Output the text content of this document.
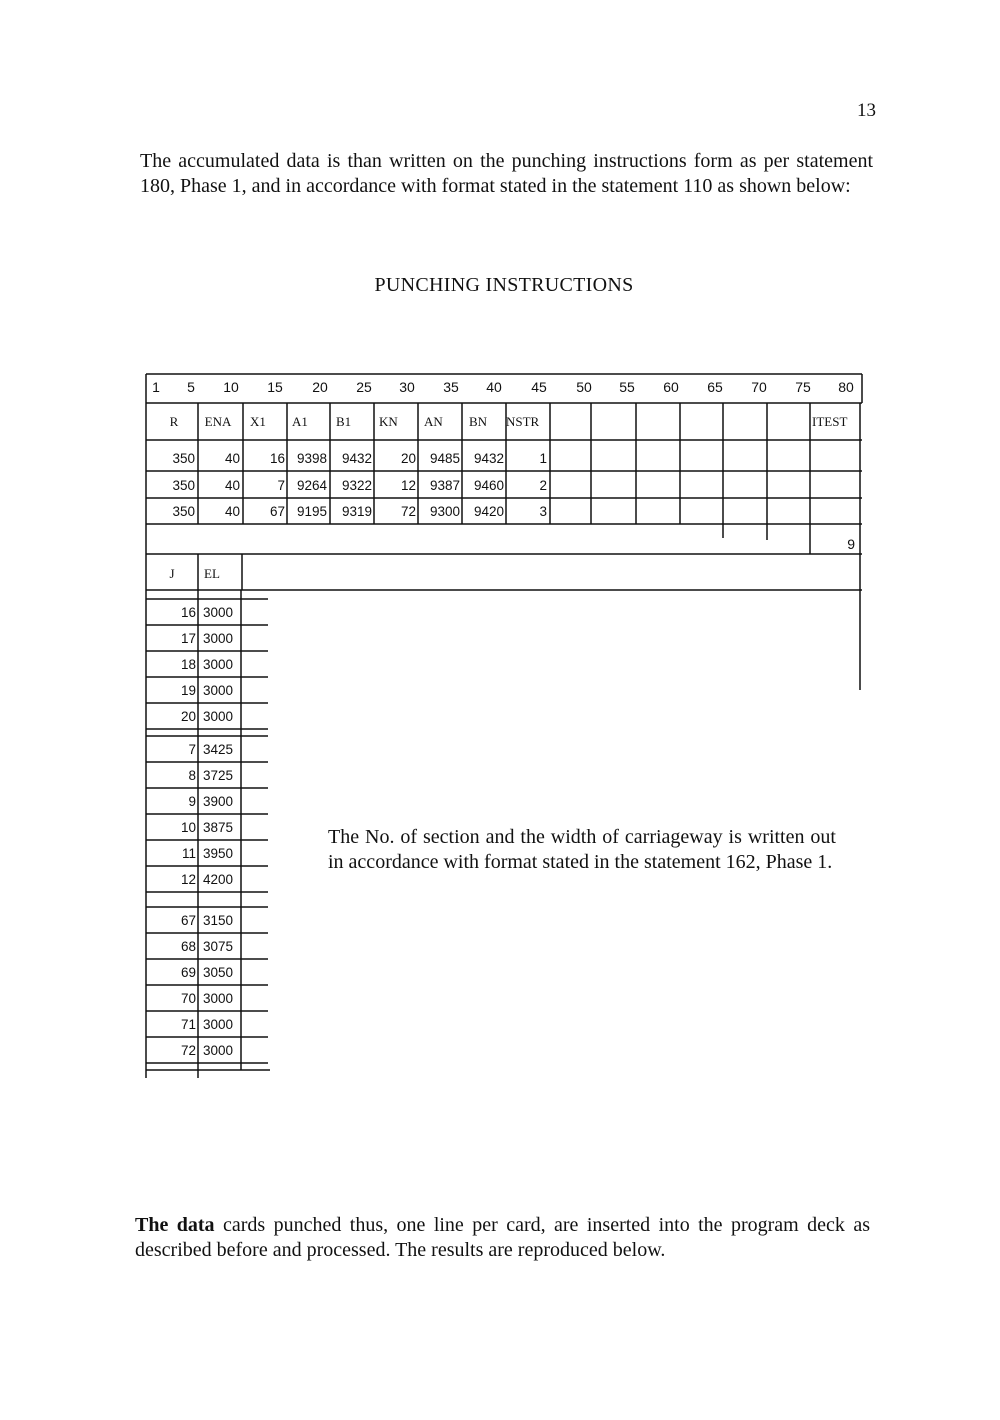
13

The accumulated data is than written on the punching instructions form as per statement 180, Phase 1, and in accordance with format stated in the statement 110 as shown below:

PUNCHING INSTRUCTIONS
1 5 10 15 20 25 30 35 40 45 50 55 60 65 70 75 80
R ENA X1 A1 B1 KN AN BN NSTR	ITEST
350 40 16 9398 9432 20 9485 9432	1
350 40	7 9264 9322 12 9387 9460	2
350 40 67 9195 9319 72 9300 9420	3
9
J EL
16 3000
17 3000
18 3000
19 3000
20 3000
7 3425
8 3725
9 3900
10 3875
11 3950
12 4200
67 3150
68 3075
69 3050
70 3000
71 3000
72 3000

The No. of section and the width of carriageway is written out in accordance with format stated in the statement 162, Phase 1.

The data cards punched thus, one line per card, are inserted into the program deck as described before and processed. The results are reproduced below.
